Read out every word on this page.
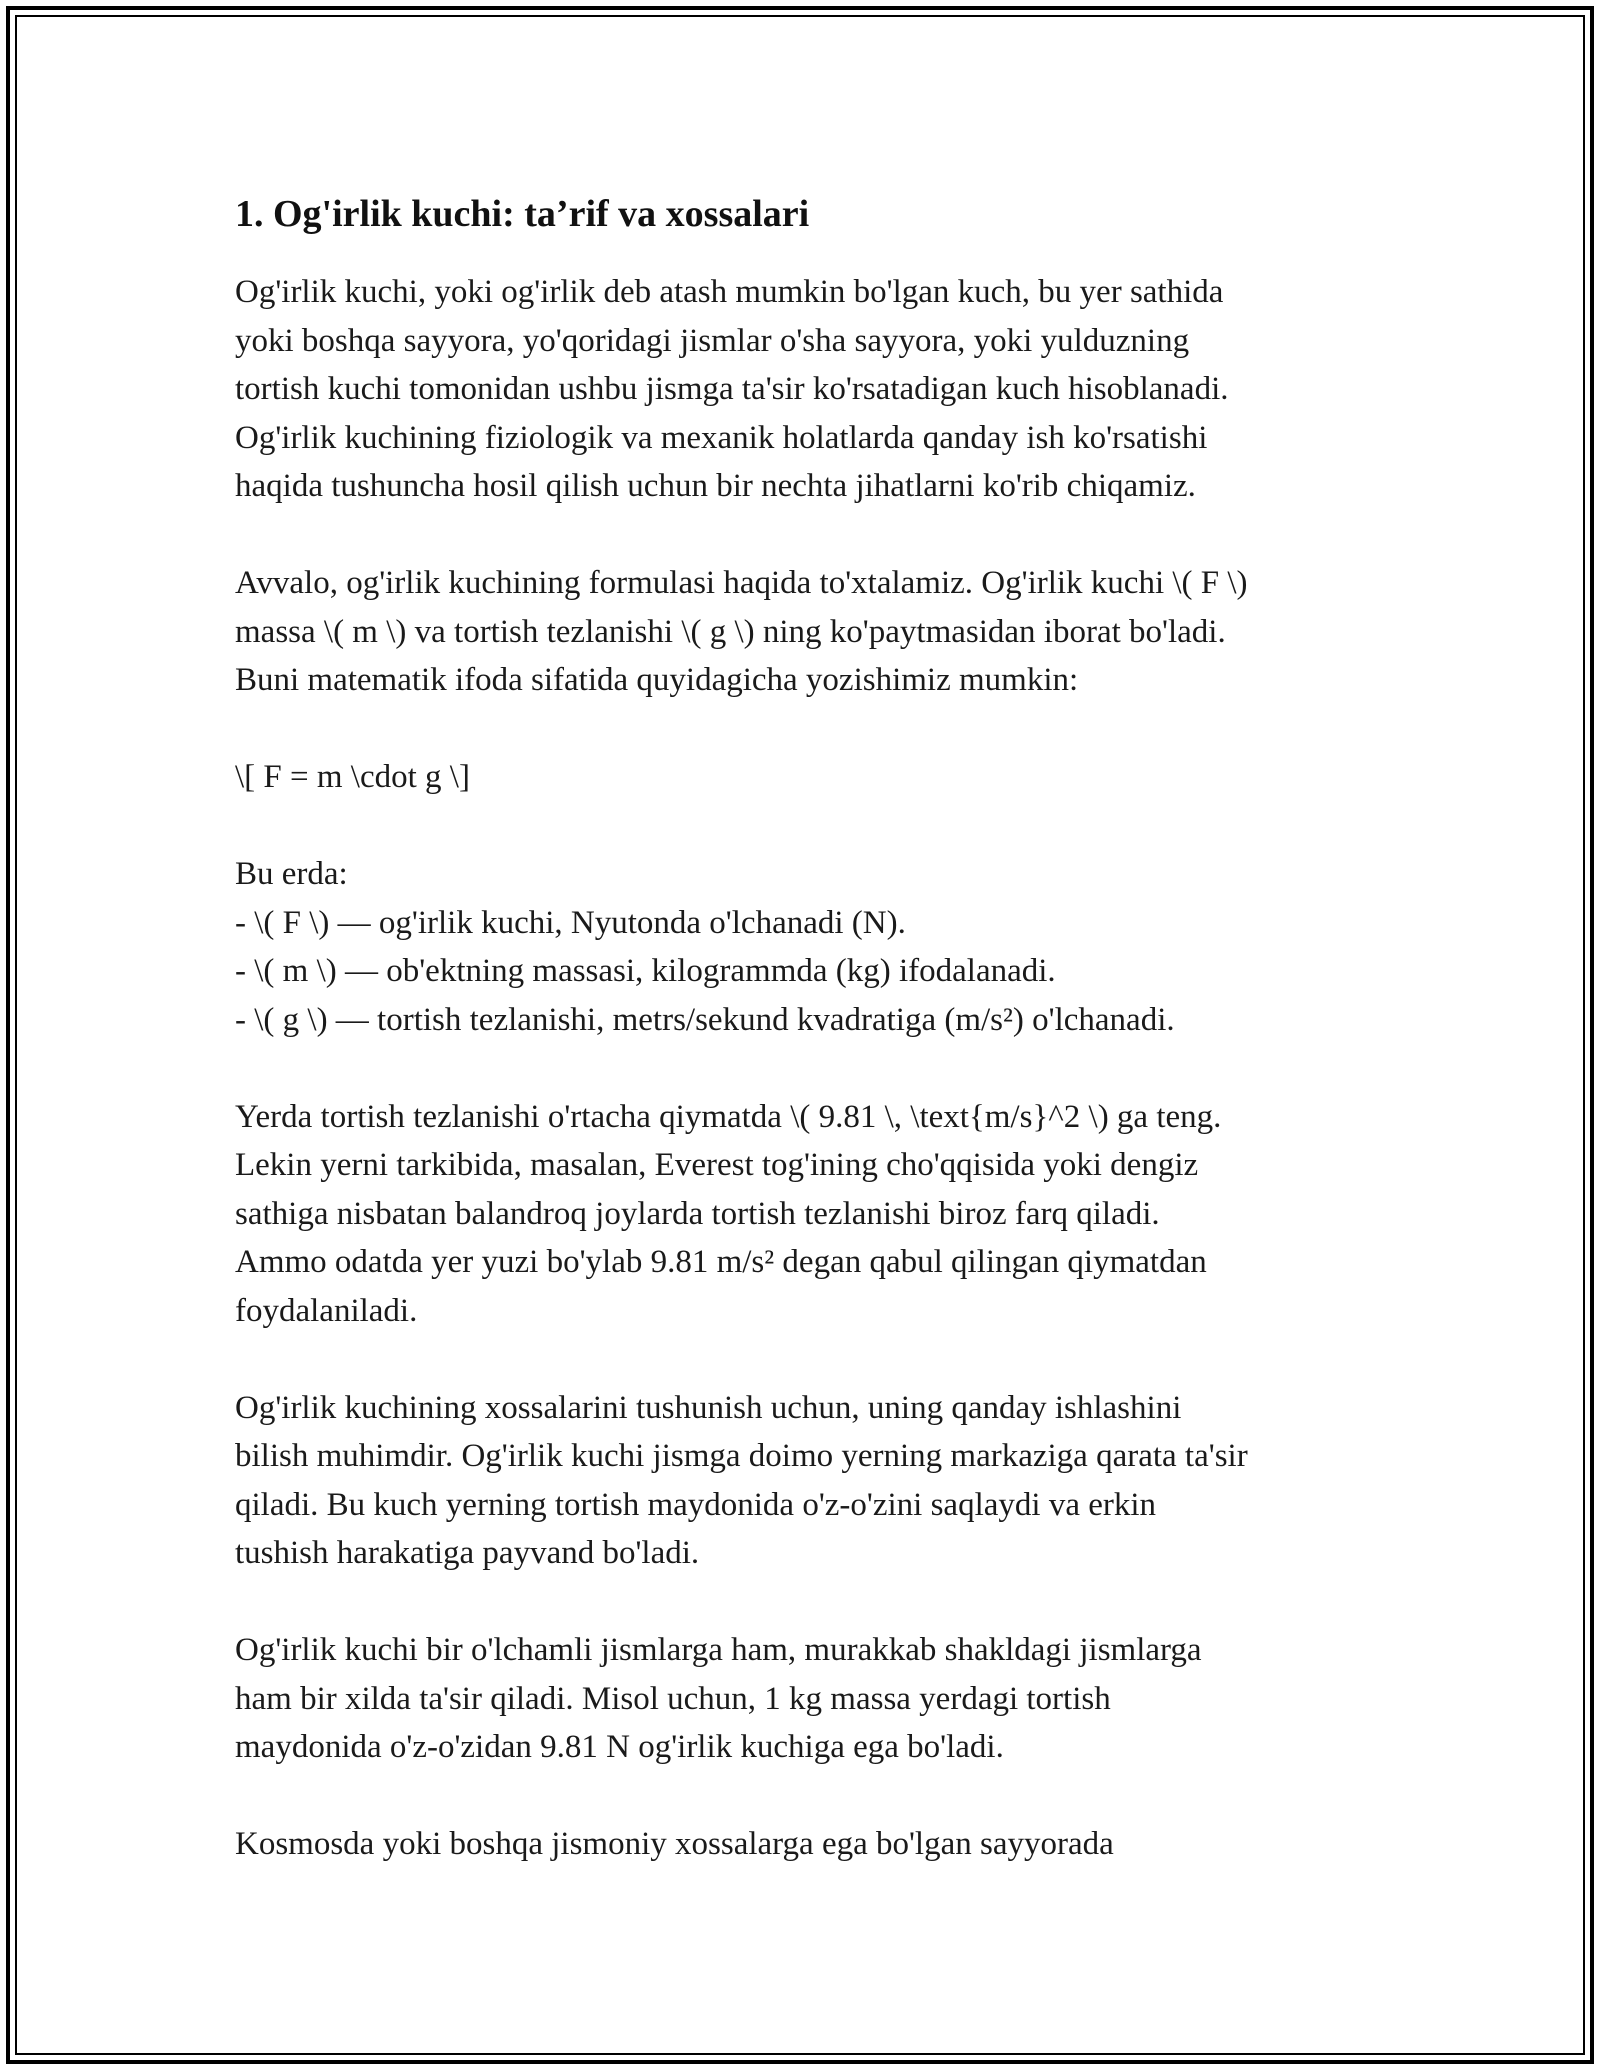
1. Og'irlik kuchi: ta’rif va xossalari

Og'irlik kuchi, yoki og'irlik deb atash mumkin bo'lgan kuch, bu yer sathida
yoki boshqa sayyora, yo'qoridagi jismlar o'sha sayyora, yoki yulduzning
tortish kuchi tomonidan ushbu jismga ta'sir ko'rsatadigan kuch hisoblanadi.
Og'irlik kuchining fiziologik va mexanik holatlarda qanday ish ko'rsatishi
haqida tushuncha hosil qilish uchun bir nechta jihatlarni ko'rib chiqamiz.

Avvalo, og'irlik kuchining formulasi haqida to'xtalamiz. Og'irlik kuchi \( F \)
massa \( m \) va tortish tezlanishi \( g \) ning ko'paytmasidan iborat bo'ladi.
Buni matematik ifoda sifatida quyidagicha yozishimiz mumkin:

\[ F = m \cdot g \]

Bu erda:
- \( F \) — og'irlik kuchi, Nyutonda o'lchanadi (N).
- \( m \) — ob'ektning massasi, kilogrammda (kg) ifodalanadi.
- \( g \) — tortish tezlanishi, metrs/sekund kvadratiga (m/s²) o'lchanadi.

Yerda tortish tezlanishi o'rtacha qiymatda \( 9.81 \, \text{m/s}^2 \) ga teng.
Lekin yerni tarkibida, masalan, Everest tog'ining cho'qqisida yoki dengiz
sathiga nisbatan balandroq joylarda tortish tezlanishi biroz farq qiladi.
Ammo odatda yer yuzi bo'ylab 9.81 m/s² degan qabul qilingan qiymatdan
foydalaniladi.

Og'irlik kuchining xossalarini tushunish uchun, uning qanday ishlashini
bilish muhimdir. Og'irlik kuchi jismga doimo yerning markaziga qarata ta'sir
qiladi. Bu kuch yerning tortish maydonida o'z-o'zini saqlaydi va erkin
tushish harakatiga payvand bo'ladi.

Og'irlik kuchi bir o'lchamli jismlarga ham, murakkab shakldagi jismlarga
ham bir xilda ta'sir qiladi. Misol uchun, 1 kg massa yerdagi tortish
maydonida o'z-o'zidan 9.81 N og'irlik kuchiga ega bo'ladi.

Kosmosda yoki boshqa jismoniy xossalarga ega bo'lgan sayyorada
